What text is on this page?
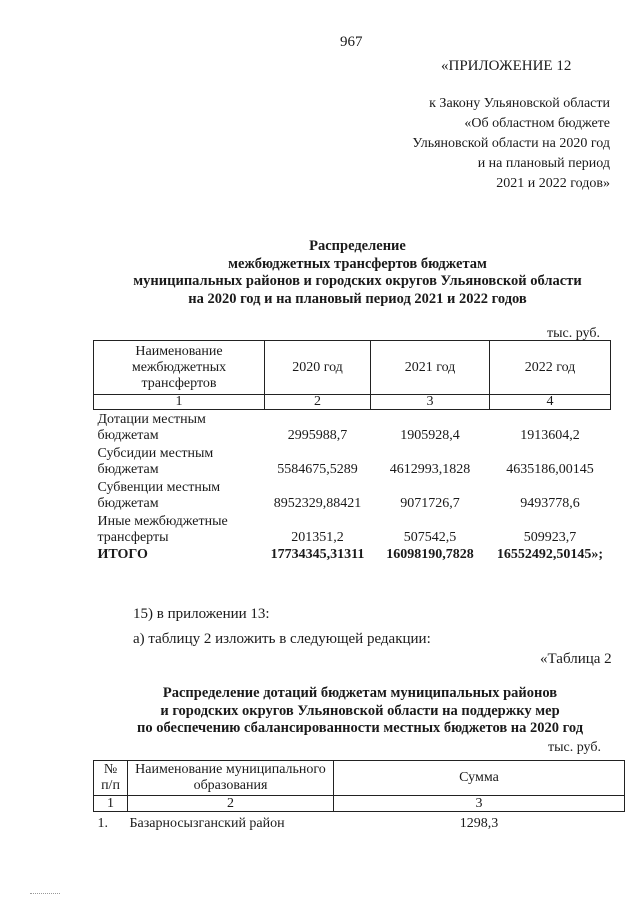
967
«ПРИЛОЖЕНИЕ 12
к Закону Ульяновской области
«Об областном бюджете
Ульяновской области на 2020 год
и на плановый период
2021 и 2022 годов»
Распределение
межбюджетных трансфертов бюджетам
муниципальных районов и городских округов Ульяновской области
на 2020 год и на плановый период 2021 и 2022 годов
тыс. руб.
Наименование межбюджетных трансфертов	2020 год	2021 год	2022 год
1	2	3	4

Дотации местным
бюджетам	2995988,7	1905928,4	1913604,2

Субсидии местным
бюджетам	5584675,5289	4612993,1828	4635186,00145

Субвенции местным
бюджетам	8952329,88421	9071726,7	9493778,6

Иные межбюджетные
трансферты	201351,2	507542,5	509923,7
ИТОГО	17734345,31311	16098190,7828	16552492,50145»;
15) в приложении 13:
а) таблицу 2 изложить в следующей редакции:
«Таблица 2
Распределение дотаций бюджетам муниципальных районов
и городских округов Ульяновской области на поддержку мер
по обеспечению сбалансированности местных бюджетов на 2020 год
тыс. руб.
№
п/п	Наименование муниципального образования	Сумма
1	2	3
1.	Базарносызганский район	1298,3
